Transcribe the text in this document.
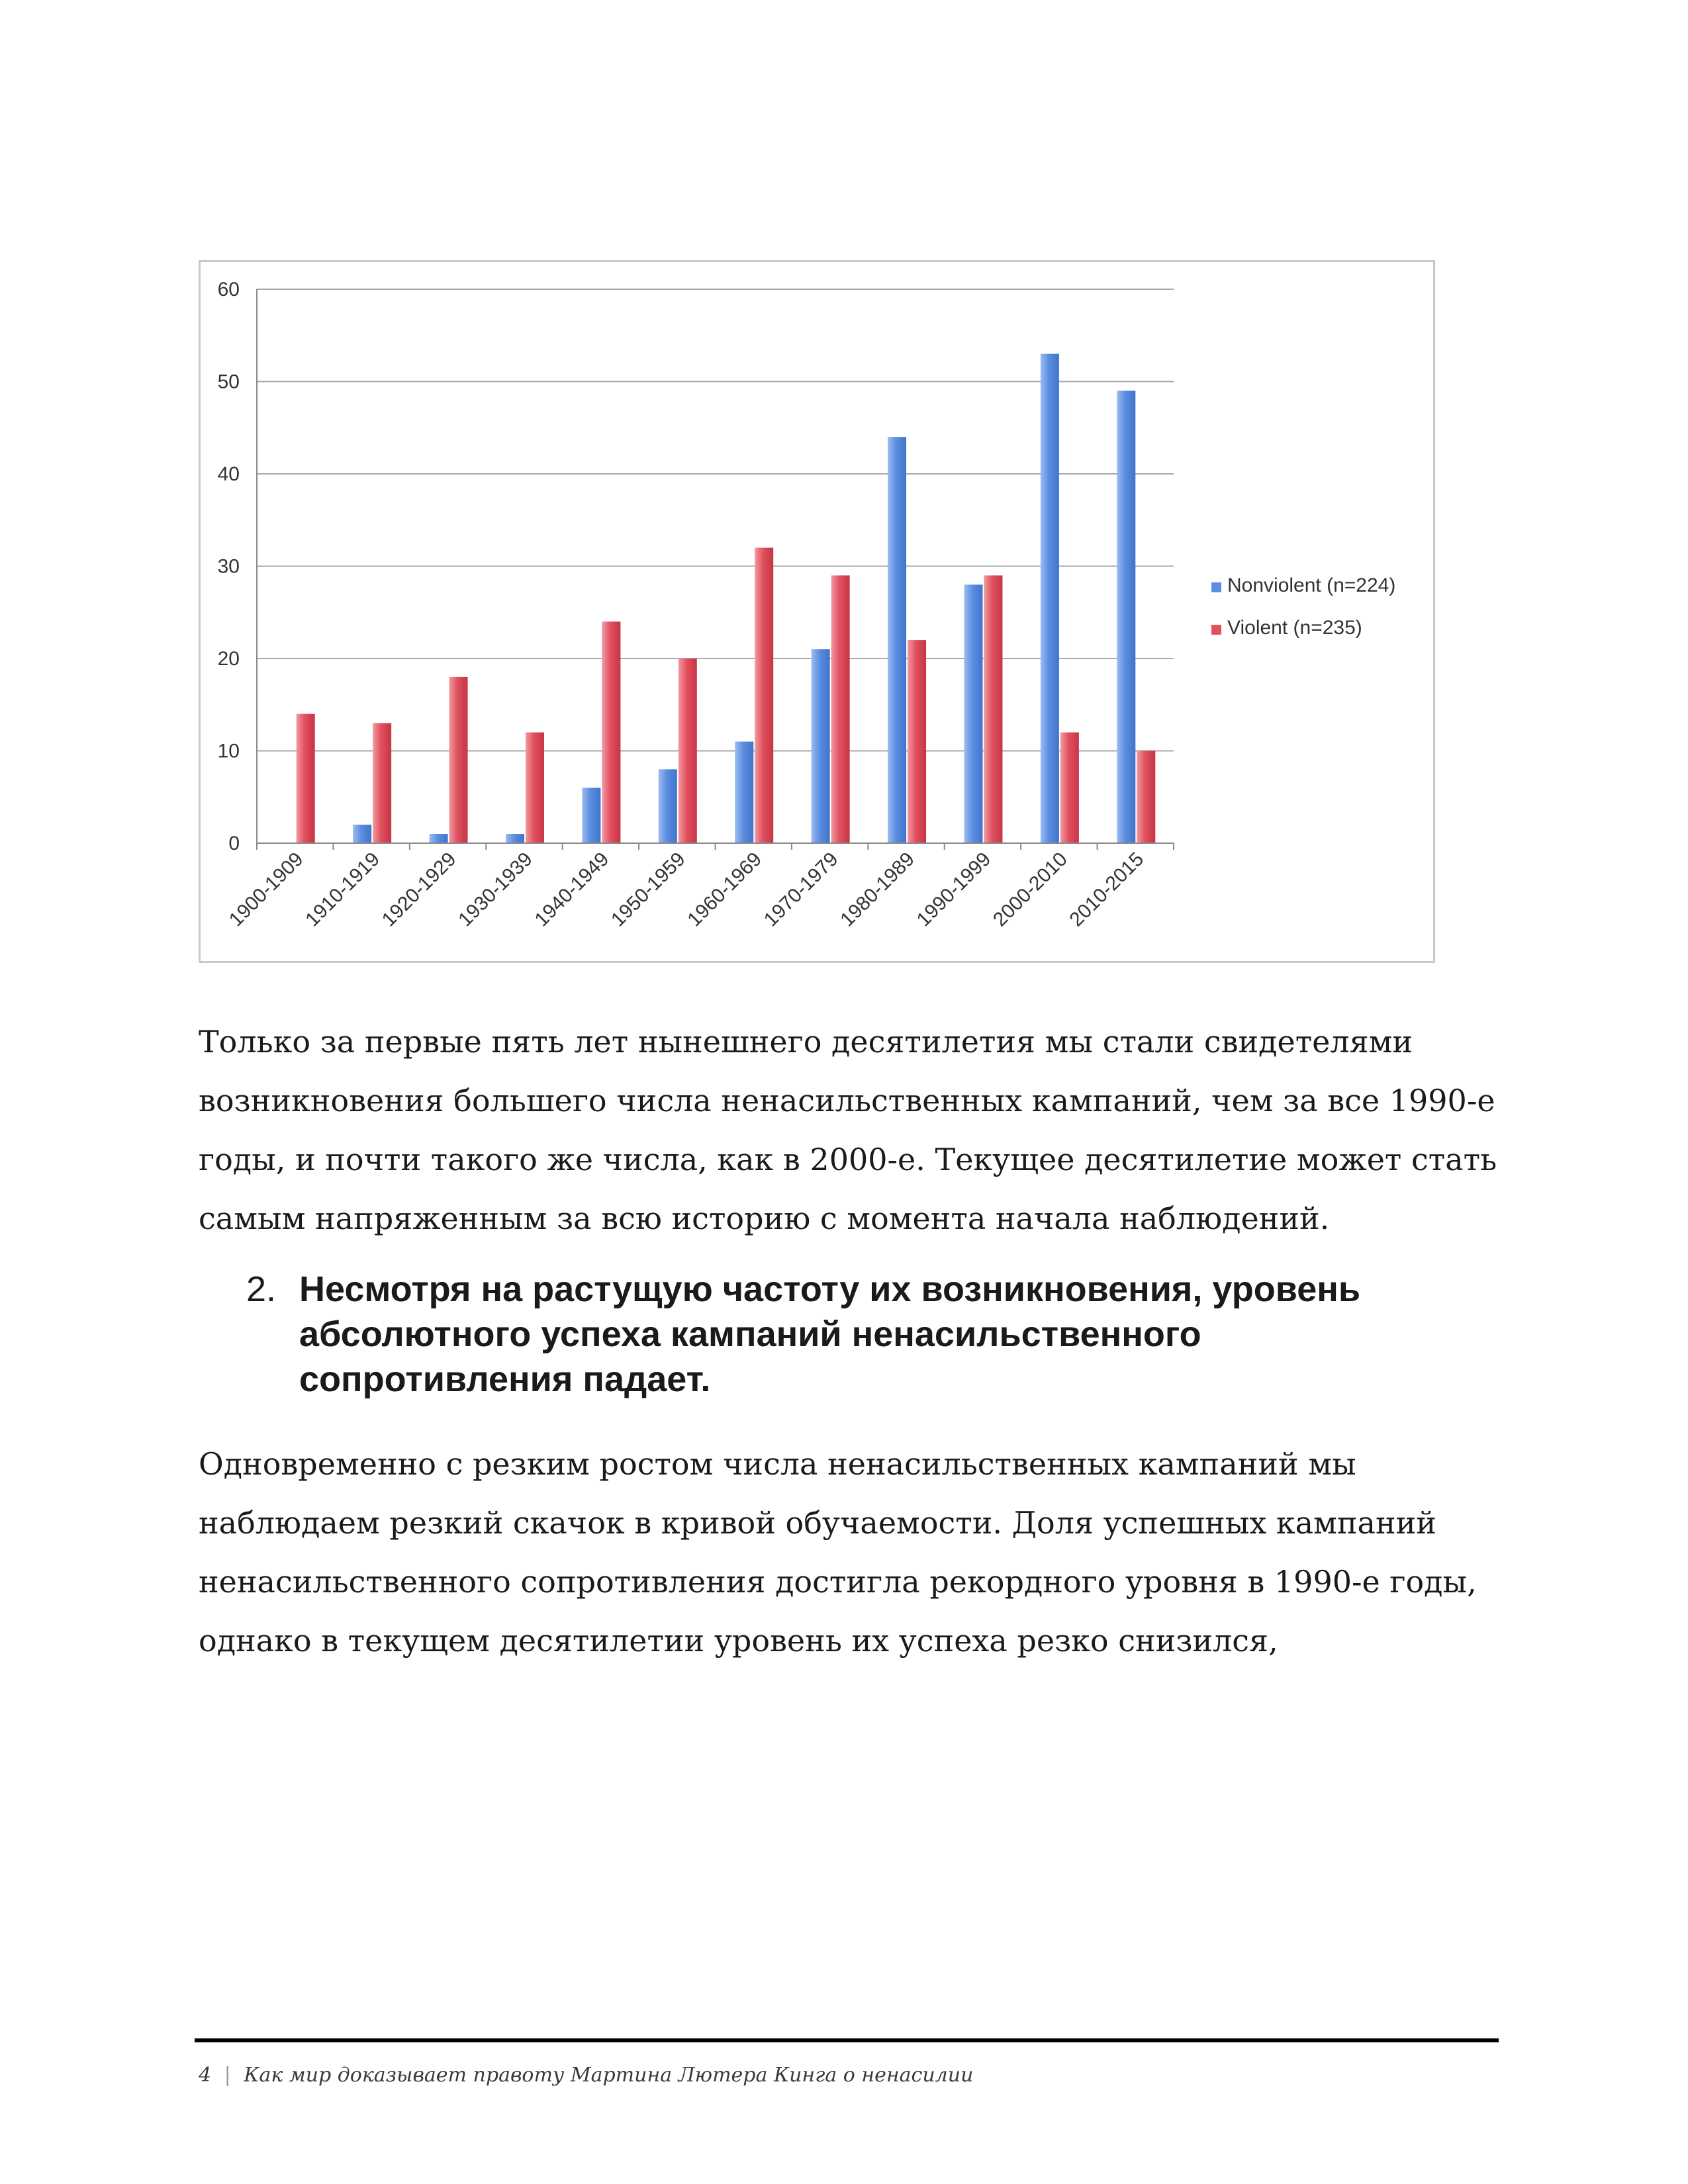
0
10
20
30
40
50
60
1900-1909
1910-1919
1920-1929
1930-1939
1940-1949
1950-1959
1960-1969
1970-1979
1980-1989
1990-1999
2000-2010
2010-2015
Nonviolent (n=224)
Violent (n=235)
Только за первые пять лет нынешнего десятилетия мы стали свидетелями
возникновения большего числа ненасильственных кампаний, чем за все 1990-е
годы, и почти такого же числа, как в 2000-е. Текущее десятилетие может стать
самым напряженным за всю историю с момента начала наблюдений.
2. Несмотря на растущую частоту их возникновения, уровень
абсолютного успеха кампаний ненасильственного
сопротивления падает.
Одновременно с резким ростом числа ненасильственных кампаний мы
наблюдаем резкий скачок в кривой обучаемости. Доля успешных кампаний
ненасильственного сопротивления достигла рекордного уровня в 1990-е годы,
однако в текущем десятилетии уровень их успеха резко снизился,
4 | Как мир доказывает правоту Мартина Лютера Кинга о ненасилии
